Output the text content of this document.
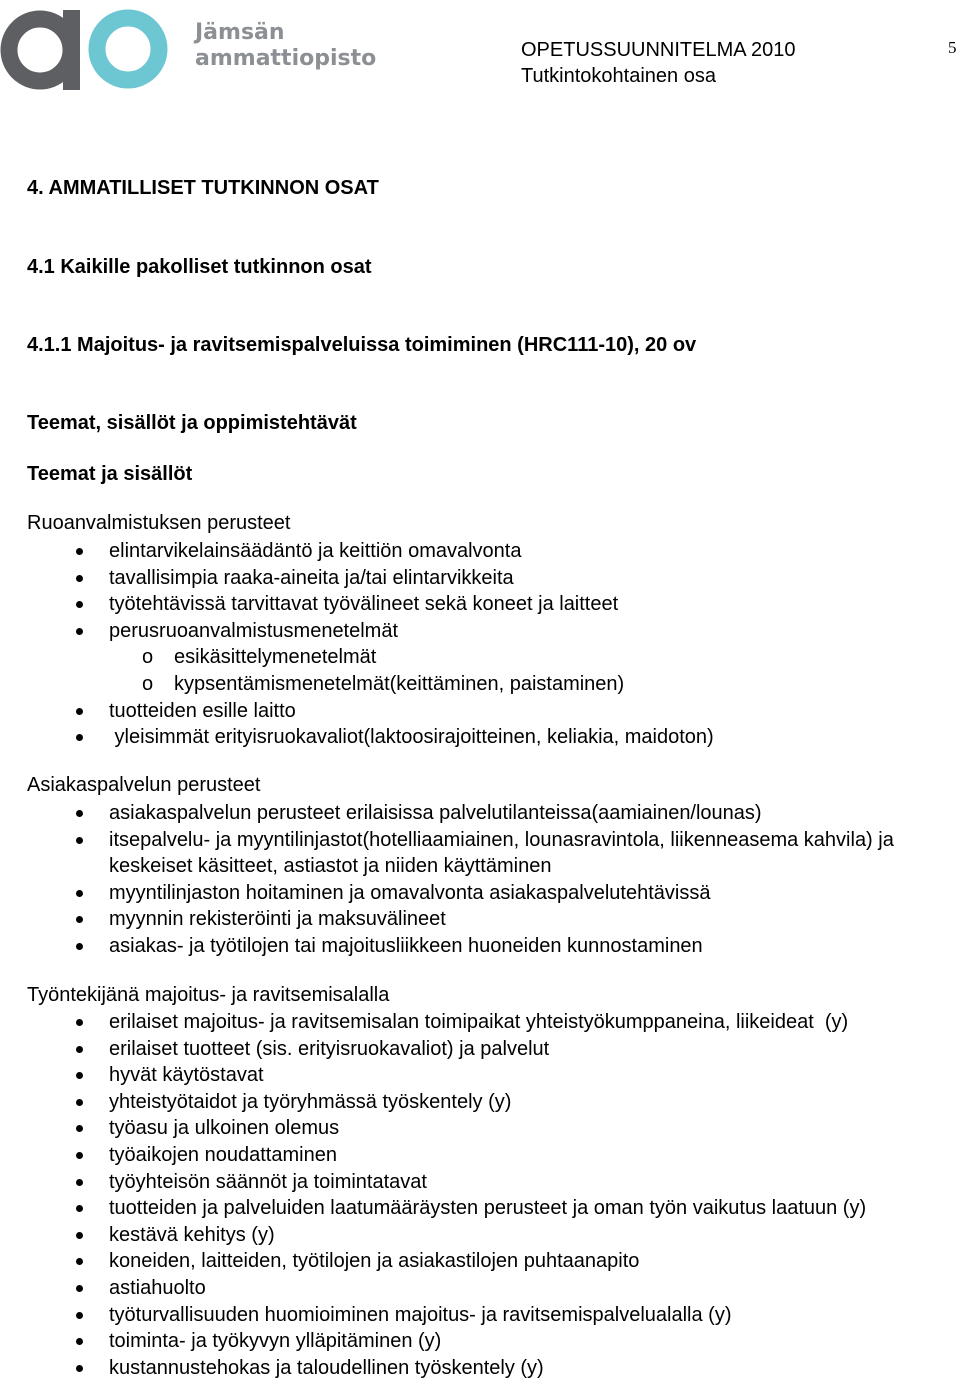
Jämsän
ammattiopisto	OPETUSSUUNNITELMA 2010
Tutkintokohtainen osa
5
4. AMMATILLISET TUTKINNON OSAT
4.1 Kaikille pakolliset tutkinnon osat
4.1.1 Majoitus- ja ravitsemispalveluissa toimiminen (HRC111-10), 20 ov
Teemat, sisällöt ja oppimistehtävät
Teemat ja sisällöt
Ruoanvalmistuksen perusteet
elintarvikelainsäädäntö ja keittiön omavalvonta
tavallisimpia raaka-aineita ja/tai elintarvikkeita
työtehtävissä tarvittavat työvälineet sekä koneet ja laitteet
perusruoanvalmistusmenetelmät
o esikäsittelymenetelmät
o kypsentämismenetelmät(keittäminen, paistaminen)
tuotteiden esille laitto
yleisimmät erityisruokavaliot(laktoosirajoitteinen, keliakia, maidoton)
Asiakaspalvelun perusteet
asiakaspalvelun perusteet erilaisissa palvelutilanteissa(aamiainen/lounas)
itsepalvelu- ja myyntilinjastot(hotelliaamiainen, lounasravintola, liikenneasema kahvila) ja keskeiset käsitteet, astiastot ja niiden käyttäminen
myyntilinjaston hoitaminen ja omavalvonta asiakaspalvelutehtävissä
myynnin rekisteröinti ja maksuvälineet
asiakas- ja työtilojen tai majoitusliikkeen huoneiden kunnostaminen
Työntekijänä majoitus- ja ravitsemisalalla
erilaiset majoitus- ja ravitsemisalan toimipaikat yhteistyökumppaneina, liikeideat  (y)
erilaiset tuotteet (sis. erityisruokavaliot) ja palvelut
hyvät käytöstavat
yhteistyötaidot ja työryhmässä työskentely (y)
työasu ja ulkoinen olemus
työaikojen noudattaminen
työyhteisön säännöt ja toimintatavat
tuotteiden ja palveluiden laatumääräysten perusteet ja oman työn vaikutus laatuun (y)
kestävä kehitys (y)
koneiden, laitteiden, työtilojen ja asiakastilojen puhtaanapito
astiahuolto
työturvallisuuden huomioiminen majoitus- ja ravitsemispalvelualalla (y)
toiminta- ja työkyvyn ylläpitäminen (y)
kustannustehokas ja taloudellinen työskentely (y)
